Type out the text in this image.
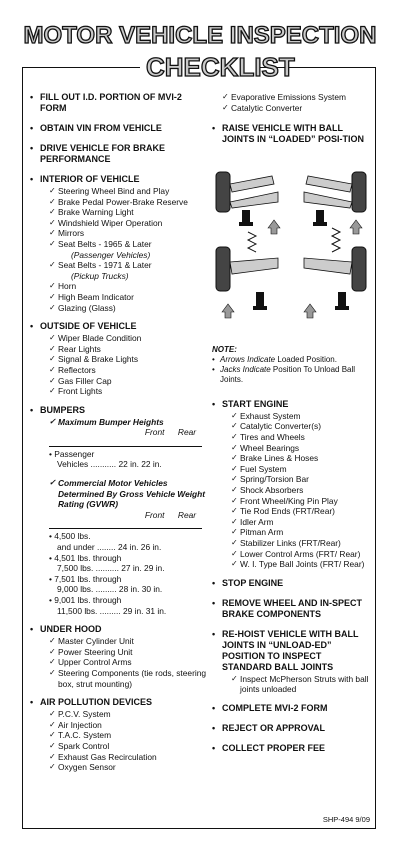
MOTOR VEHICLE INSPECTION
CHECKLIST
• FILL OUT I.D. PORTION OF MVI-2 FORM
• OBTAIN VIN FROM VEHICLE
• DRIVE VEHICLE FOR BRAKE PERFORMANCE
• INTERIOR OF VEHICLE
✓ Steering Wheel Bind and Play
✓ Brake Pedal Power-Brake Reserve
✓ Brake Warning Light
✓ Windshield Wiper Operation
✓ Mirrors
✓ Seat Belts - 1965 & Later
(Passenger Vehicles)
✓ Seat Belts - 1971 & Later
(Pickup Trucks)
✓ Horn
✓ High Beam Indicator
✓ Glazing (Glass)
• OUTSIDE OF VEHICLE
✓ Wiper Blade Condition
✓ Rear Lights
✓ Signal & Brake Lights
✓ Reflectors
✓ Gas Filler Cap
✓ Front Lights
• BUMPERS
✓ Maximum Bumper Heights
Front Rear
• Passenger
Vehicles ........... 22 in. 22 in.
✓ Commercial Motor Vehicles Determined By Gross Vehicle Weight Rating (GVWR)
Front Rear
• 4,500 lbs.
and under ........ 24 in. 26 in.
• 4,501 lbs. through
7,500 lbs. .......... 27 in. 29 in.
• 7,501 lbs. through
9,000 lbs. ......... 28 in. 30 in.
• 9,001 lbs. through
11,500 lbs. ......... 29 in. 31 in.
• UNDER HOOD
✓ Master Cylinder Unit
✓ Power Steering Unit
✓ Upper Control Arms
✓ Steering Components (tie rods, steering box, strut mounting)
• AIR POLLUTION DEVICES
✓ P.C.V. System
✓ Air Injection
✓ T.A.C. System
✓ Spark Control
✓ Exhaust Gas Recirculation
✓ Oxygen Sensor
✓ Evaporative Emissions System
✓ Catalytic Converter
• RAISE VEHICLE WITH BALL JOINTS IN “LOADED” POSI-TION
NOTE:
• Arrows Indicate Loaded Position.
• Jacks Indicate Position To Unload Ball Joints.
• START ENGINE
✓ Exhaust System
✓ Catalytic Converter(s)
✓ Tires and Wheels
✓ Wheel Bearings
✓ Brake Lines & Hoses
✓ Fuel System
✓ Spring/Torsion Bar
✓ Shock Absorbers
✓ Front Wheel/King Pin Play
✓ Tie Rod Ends (FRT/Rear)
✓ Idler Arm
✓ Pitman Arm
✓ Stabilizer Links (FRT/Rear)
✓ Lower Control Arms (FRT/ Rear)
✓ W. I. Type Ball Joints (FRT/ Rear)
• STOP ENGINE
• REMOVE WHEEL AND IN-SPECT BRAKE COMPONENTS
• RE-HOIST VEHICLE WITH BALL JOINTS IN “UNLOAD-ED” POSITION TO INSPECT STANDARD BALL JOINTS
✓ Inspect McPherson Struts with ball joints unloaded
• COMPLETE MVI-2 FORM
• REJECT OR APPROVAL
• COLLECT PROPER FEE
SHP-494 9/09
